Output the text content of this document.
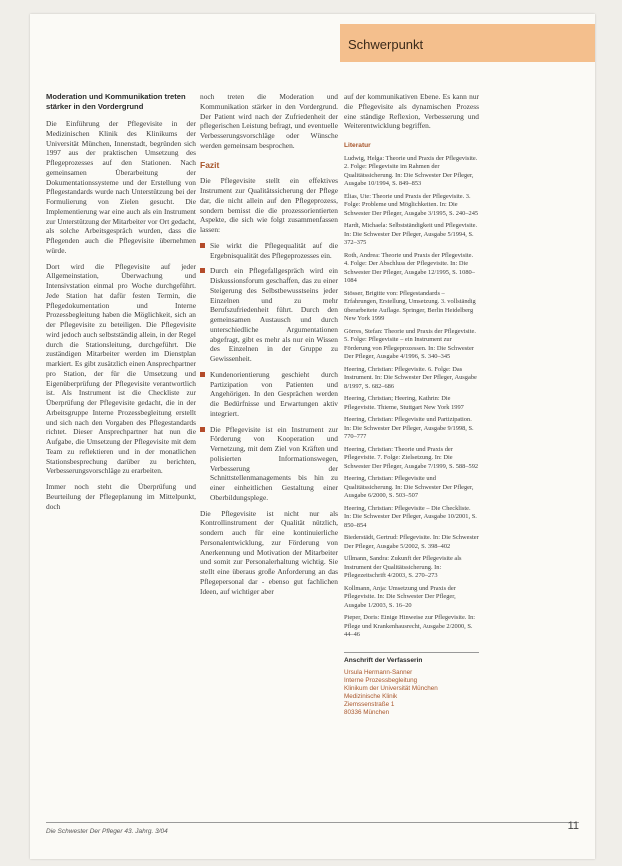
Schwerpunkt
Moderation und Kommunikation treten stärker in den Vordergrund

Die Einführung der Pflegevisite in der Medizinischen Klinik des Klinikums der Universität München, Innenstadt, begründen sich 1997 aus der praktischen Umsetzung des Pflegeprozesses auf den Stationen. Nach gemeinsamen Überarbeitung der Dokumentationssysteme und der Erstellung von Pflegestandards wurde nach Unterstützung bei der Formulierung von Zielen gesucht. Die Implementierung war eine auch als ein Instrument zur Unterstützung der Mitarbeiter vor Ort gedacht, als solche Arbeitsgespräch wurden, dass die Pflegenden auch die Pflegevisite übernehmen würde.

Dort wird die Pflegevisite auf jeder Allgemeinstation, Überwachung und Intensivstation einmal pro Woche durchgeführt. Jede Station hat dafür festen Termin, die Pflegedokumentation und Interne Prozessbegleitung haben die Möglichkeit, sich an der Pflegevisite zu beteiligen. Die Pflegevisite wird jedoch auch selbstständig allein, in der Regel durch die Stationsleitung, durchgeführt. Die zuständigen Mitarbeiter werden im Dienstplan markiert. Es gibt zusätzlich einen Ansprechpartner pro Station, der für die Umsetzung und Eigenüberprüfung der Pflegevisite verantwortlich ist. Als Instrument ist die Checkliste zur Überprüfung der Pflegevisite gedacht, die in der Arbeitsgruppe Interne Prozessbegleitung erstellt und sich nach den Vorgaben des Pflegestandards richtet. Dieser Ansprechpartner hat nun die Aufgabe, die Umsetzung der Pflegevisite mit dem Team zu reflektieren und in der monatlichen Stationsbesprechung darüber zu berichten, Verbesserungsvorschläge zu erarbeiten.

Immer noch steht die Überprüfung und Beurteilung der Pflegeplanung im Mittelpunkt, doch

noch treten die Moderation und Kommunikation stärker in den Vordergrund. Der Patient wird nach der Zufriedenheit der pflegerischen Leistung befragt, und eventuelle Verbesserungsvorschläge oder Wünsche werden gemeinsam besprochen.

Fazit

Die Pflegevisite stellt ein effektives Instrument zur Qualitätssicherung der Pflege dar, die nicht allein auf den Pflegeprozess, sondern bemisst die die prozessorientierten Aspekte, die sich wie folgt zusammenfassen lassen:

Sie wirkt die Pflegequalität auf die Ergebnisqualität des Pflegeprozesses ein.
Durch ein Pflegefallgespräch wird ein Diskussionsforum geschaffen, das zu einer Steigerung des Selbstbewusstseins jeder Einzelnen und zu mehr Berufszufriedenheit führt. Durch den gemeinsamen Austausch und durch unterschiedliche Argumentationen abgefragt, gibt es mehr als nur ein Wissen des Einzelnen in der Gruppe zu Gewissenheit.
Kundenorientierung geschieht durch Partizipation von Patienten und Angehörigen. In den Gesprächen werden die Bedürfnisse und Erwartungen aktiv integriert.
Die Pflegevisite ist ein Instrument zur Förderung von Kooperation und Vernetzung, mit dem Ziel von Kräften und polisierten Informationswegen, Verbesserung der Schnittstellenmanagements bis hin zu einer einheitlichen Gestaltung einer Oberbildungsplege.

Die Pflegevisite ist nicht nur als Kontrollinstrument der Qualität nützlich, sondern auch für eine kontinuierliche Personalentwicklung, zur Förderung von Anerkennung und Motivation der Mitarbeiter und somit zur Personalerhaltung wichtig. Sie stellt eine überaus große Anforderung an das Pflegepersonal dar - ebenso gut fachlichen Ideen, auf wichtiger aber

auf der kommunikativen Ebene. Es kann nur die Pflegevisite als dynamischen Prozess eine ständige Reflexion, Verbesserung und Weiterentwicklung begriffen.

Literatur
Ludwig, Helga: Theorie und Praxis der Pflegevisite. 2. Folge: Pflegevisite im Rahmen der Qualitätssicherung. In: Die Schwester Der Pfleger, Ausgabe 10/1994, S. 849–853
Elias, Ute: Theorie und Praxis der Pflegevisite. 3. Folge: Probleme und Möglichkeiten. In: Die Schwester Der Pfleger, Ausgabe 3/1995, S. 240–245
Hardt, Michaela: Selbstständigkeit und Pflegevisite. In: Die Schwester Der Pfleger, Ausgabe 5/1994, S. 372–375
Roth, Andrea: Theorie und Praxis der Pflegevisite. 4. Folge: Der Abschluss der Pflegevisite. In: Die Schwester Der Pfleger, Ausgabe 12/1995, S. 1080–1084
Stösser, Brigitte von: Pflegestandards – Erfahrungen, Erstellung, Umsetzung. 3. vollständig überarbeitete Auflage. Springer, Berlin Heidelberg New York 1999
Görres, Stefan: Theorie und Praxis der Pflegevisite. 5. Folge: Pflegevisite – ein Instrument zur Förderung von Pflegeprozessen. In: Die Schwester Der Pfleger, Ausgabe 4/1996, S. 340–345
Heering, Christian: Pflegevisite. 6. Folge: Das Instrument. In: Die Schwester Der Pfleger, Ausgabe 8/1997, S. 682–686
Heering, Christian; Heering, Kathrin: Die Pflegevisite. Thieme, Stuttgart New York 1997
Heering, Christian: Pflegevisite und Partizipation. In: Die Schwester Der Pfleger, Ausgabe 9/1998, S. 770–777
Heering, Christian: Theorie und Praxis der Pflegevisite. 7. Folge: Zielsetzung. In: Die Schwester Der Pfleger, Ausgabe 7/1999, S. 588–592
Heering, Christian: Pflegevisite und Qualitätssicherung. In: Die Schwester Der Pfleger, Ausgabe 6/2000, S. 503–507
Heering, Christian: Pflegevisite – Die Checkliste. In: Die Schwester Der Pfleger, Ausgabe 10/2001, S. 850–854
Biederstädt, Gertrud: Pflegevisite. In: Die Schwester Der Pfleger, Ausgabe 5/2002, S. 398–402
Ullmann, Sandra: Zukunft der Pflegevisite als Instrument der Qualitätssicherung. In: Pflegezeitschrift 4/2003, S. 270–273
Kollmann, Anja: Umsetzung und Praxis der Pflegevisite. In: Die Schwester Der Pfleger, Ausgabe 1/2003, S. 16–20
Pieper, Doris: Einige Hinweise zur Pflegevisite. In: Pflege und Krankenhausrecht, Ausgabe 2/2000, S. 44–46
Anschrift der Verfasserin
Ursula Hermann-Sanner
Interne Prozessbegleitung
Klinikum der Universität München
Medizinische Klinik
Ziemssenstraße 1
80336 München
Die Schwester Der Pfleger 43. Jahrg. 3/04	11
